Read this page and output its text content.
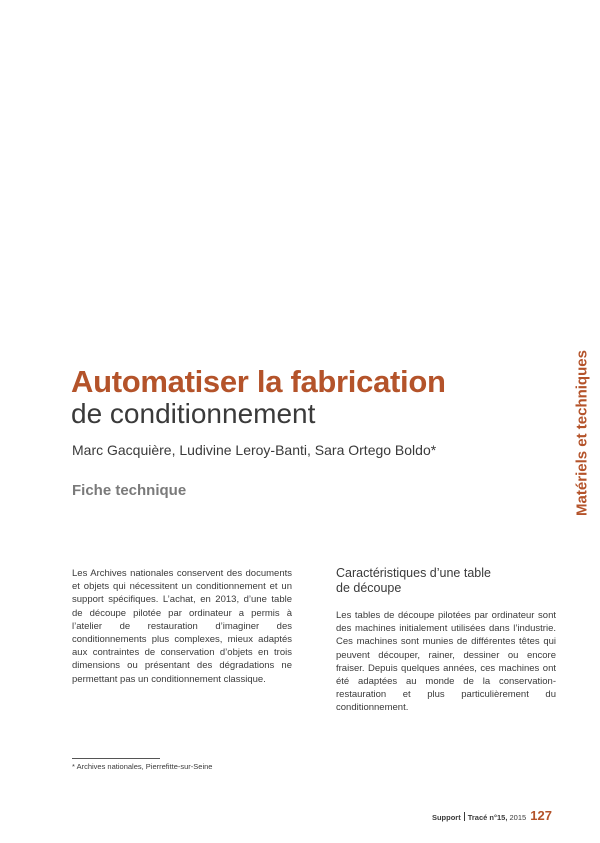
Automatiser la fabrication
de conditionnement
Marc Gacquière, Ludivine Leroy-Banti, Sara Ortego Boldo*
Fiche technique	Matériels et techniques
Les Archives nationales conservent des documents et objets qui nécessitent un conditionnement et un support spécifiques. L’achat, en 2013, d’une table de découpe pilotée par ordinateur a permis à l’atelier de restauration d’imaginer des conditionnements plus complexes, mieux adaptés aux contraintes de conservation d’objets en trois dimensions ou présentant des dégradations ne permettant pas un conditionnement classique.
Caractéristiques d’une table
de découpe
Les tables de découpe pilotées par ordinateur sont des machines initialement utilisées dans l’industrie. Ces machines sont munies de différentes têtes qui peuvent découper, rainer, dessiner ou encore fraiser. Depuis quelques années, ces machines ont été adaptées au monde de la conservation-restauration et plus particulièrement du conditionnement.
* Archives nationales, Pierrefitte-sur-Seine
Support Tracé n°15, 2015 127
